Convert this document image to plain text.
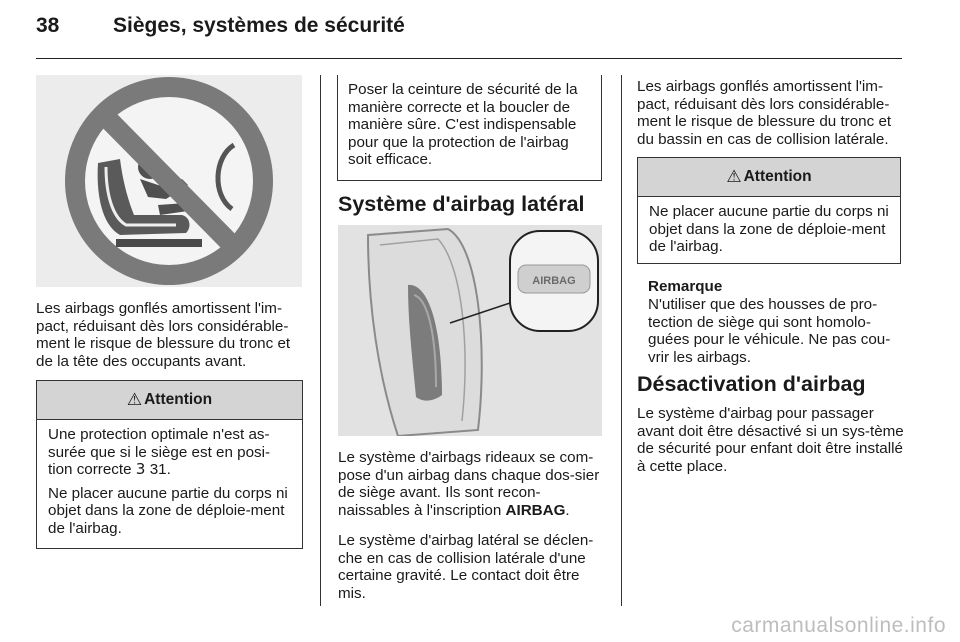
38	Sièges, systèmes de sécurité

Les airbags gonflés amortissent l'im-pact, réduisant dès lors considérable-ment le risque de blessure du tronc et de la tête des occupants avant.

⚠ Attention

Une protection optimale n'est as-surée que si le siège est en posi-tion correcte 3 31.

Ne placer aucune partie du corps ni objet dans la zone de déploie-ment de l'airbag.

Poser la ceinture de sécurité de la manière correcte et la boucler de manière sûre. C'est indispensable pour que la protection de l'airbag soit efficace.

Système d'airbag latéral
AIRBAG

Le système d'airbags rideaux se com-pose d'un airbag dans chaque dos-sier de siège avant. Ils sont recon-naissables à l'inscription AIRBAG.

Le système d'airbag latéral se déclen-che en cas de collision latérale d'une certaine gravité. Le contact doit être mis.

Les airbags gonflés amortissent l'im-pact, réduisant dès lors considérable-ment le risque de blessure du tronc et du bassin en cas de collision latérale.

⚠ Attention

Ne placer aucune partie du corps ni objet dans la zone de déploie-ment de l'airbag.

Remarque

N'utiliser que des housses de pro-tection de siège qui sont homolo-guées pour le véhicule. Ne pas cou-vrir les airbags.

Désactivation d'airbag

Le système d'airbag pour passager avant doit être désactivé si un sys-tème de sécurité pour enfant doit être installé à cette place.

carmanualsonline.info
